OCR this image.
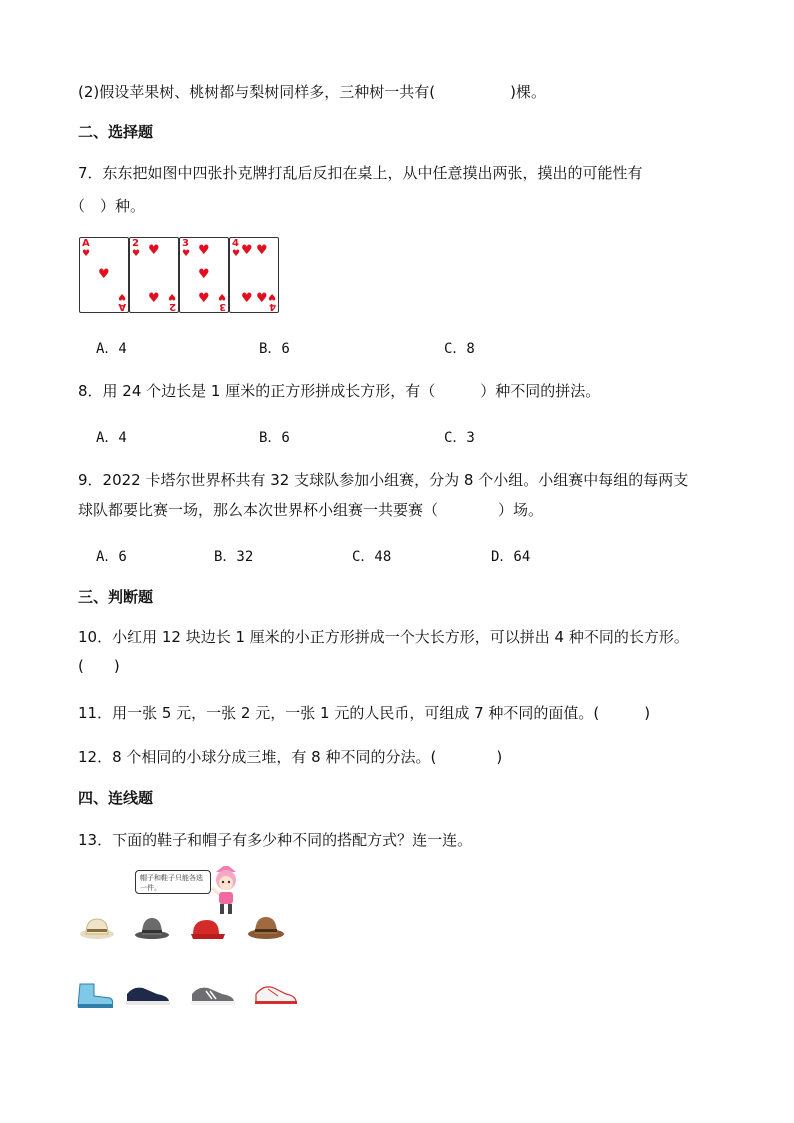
(2)假设苹果树、桃树都与梨树同样多，三种树一共有(　　　　　)棵。
二、选择题
7．东东把如图中四张扑克牌打乱后反扣在桌上，从中任意摸出两张，摸出的可能性有
（　）种。
A
♥
♥
A
♥
2
♥ ♥
♥
2
♥
3
♥ ♥
♥
♥
3
♥
4
♥ ♥ ♥
♥ ♥
4
♥
A．4	B．6	C．8
8．用 24 个边长是 1 厘米的正方形拼成长方形，有（　　　）种不同的拼法。
A．4	B．6	C．3
9．2022 卡塔尔世界杯共有 32 支球队参加小组赛，分为 8 个小组。小组赛中每组的每两支
球队都要比赛一场，那么本次世界杯小组赛一共要赛（　　　　）场。
A．6	B．32	C．48	D．64
三、判断题
10．小红用 12 块边长 1 厘米的小正方形拼成一个大长方形，可以拼出 4 种不同的长方形。
(　　)
11．用一张 5 元，一张 2 元，一张 1 元的人民币，可组成 7 种不同的面值。(　　　)
12．8 个相同的小球分成三堆，有 8 种不同的分法。(　　　　)
四、连线题
13．下面的鞋子和帽子有多少种不同的搭配方式？连一连。
帽子和鞋子只能各选一件。
